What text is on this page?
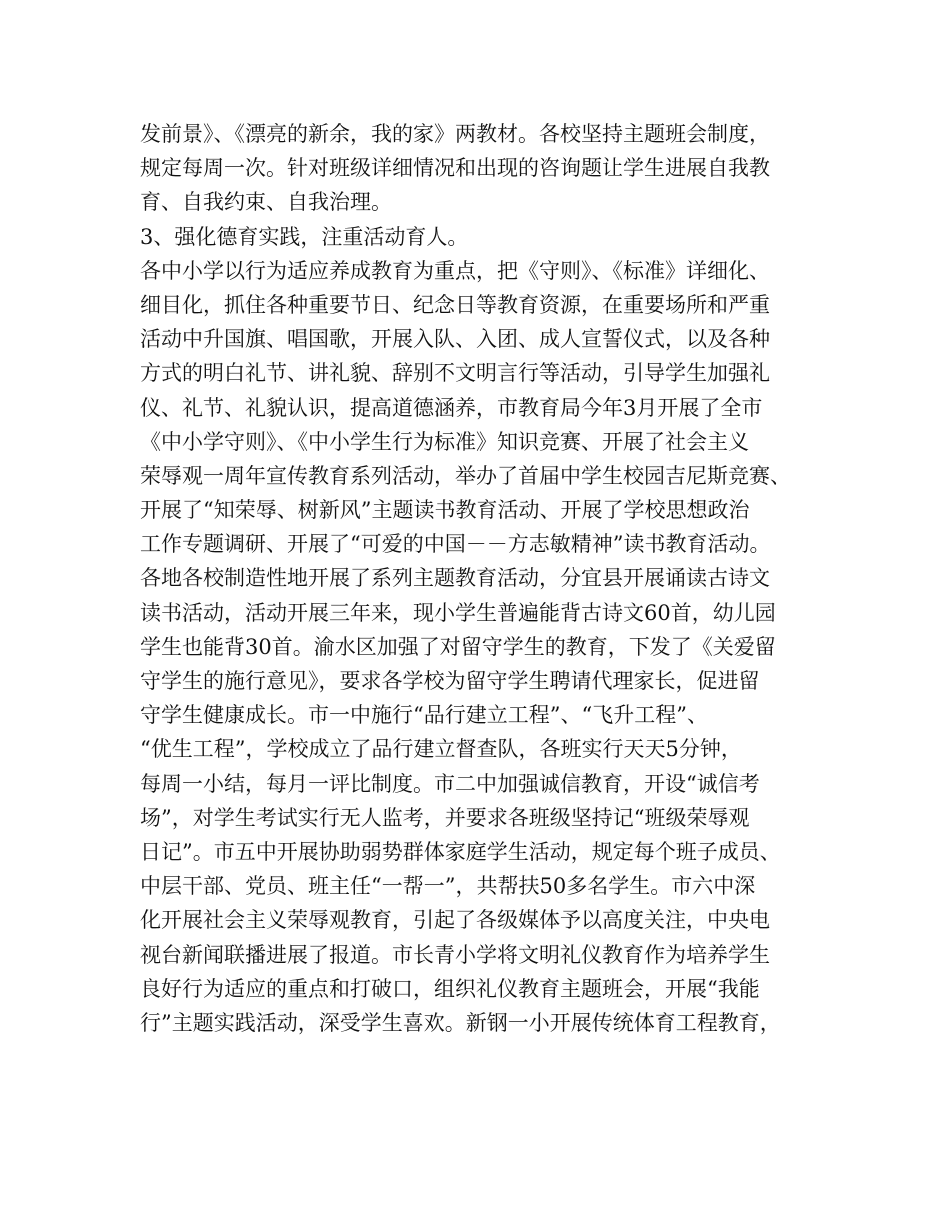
发前景》、《漂亮的新余，我的家》两教材。各校坚持主题班会制度，
规定每周一次。针对班级详细情况和出现的咨询题让学生进展自我教
育、自我约束、自我治理。
3、强化德育实践，注重活动育人。
各中小学以行为适应养成教育为重点，把《守则》、《标准》详细化、
细目化，抓住各种重要节日、纪念日等教育资源，在重要场所和严重
活动中升国旗、唱国歌，开展入队、入团、成人宣誓仪式，以及各种
方式的明白礼节、讲礼貌、辞别不文明言行等活动，引导学生加强礼
仪、礼节、礼貌认识，提高道德涵养，市教育局今年3月开展了全市
《中小学守则》、《中小学生行为标准》知识竞赛、开展了社会主义
荣辱观一周年宣传教育系列活动，举办了首届中学生校园吉尼斯竞赛、
开展了“知荣辱、树新风”主题读书教育活动、开展了学校思想政治
工作专题调研、开展了“可爱的中国－－方志敏精神”读书教育活动。
各地各校制造性地开展了系列主题教育活动，分宜县开展诵读古诗文
读书活动，活动开展三年来，现小学生普遍能背古诗文60首，幼儿园
学生也能背30首。渝水区加强了对留守学生的教育，下发了《关爱留
守学生的施行意见》，要求各学校为留守学生聘请代理家长，促进留
守学生健康成长。市一中施行“品行建立工程”、“飞升工程”、
“优生工程”，学校成立了品行建立督查队，各班实行天天5分钟，
每周一小结，每月一评比制度。市二中加强诚信教育，开设“诚信考
场”，对学生考试实行无人监考，并要求各班级坚持记“班级荣辱观
日记”。市五中开展协助弱势群体家庭学生活动，规定每个班子成员、
中层干部、党员、班主任“一帮一”，共帮扶50多名学生。市六中深
化开展社会主义荣辱观教育，引起了各级媒体予以高度关注，中央电
视台新闻联播进展了报道。市长青小学将文明礼仪教育作为培养学生
良好行为适应的重点和打破口，组织礼仪教育主题班会，开展“我能
行”主题实践活动，深受学生喜欢。新钢一小开展传统体育工程教育，
